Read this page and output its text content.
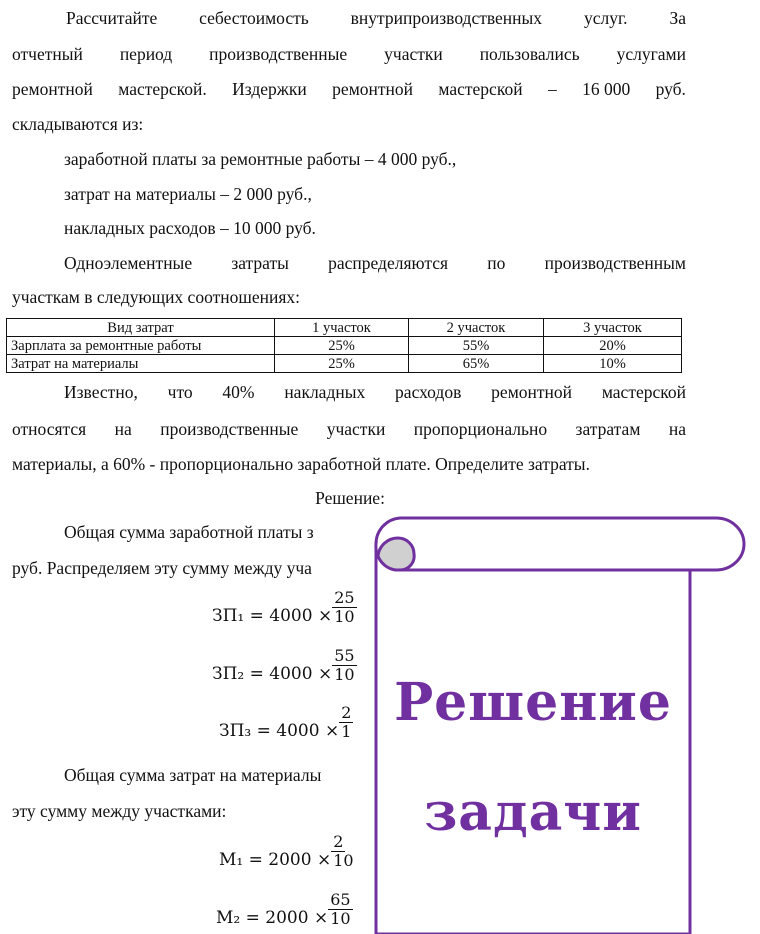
Рассчитайте себестоимость внутрипроизводственных услуг. За
отчетный период производственные участки пользовались услугами
ремонтной мастерской. Издержки ремонтной мастерской – 16 000 руб.
складываются из:
заработной платы за ремонтные работы – 4 000 руб.,
затрат на материалы – 2 000 руб.,
накладных расходов – 10 000 руб.
Одноэлементные затраты распределяются по производственным
участкам в следующих соотношениях:
Вид затрат	1 участок	2 участок	3 участок
Зарплата за ремонтные работы	25%	55%	20%
Затрат на материалы	25%	65%	10%
Известно, что 40% накладных расходов ремонтной мастерской
относятся на производственные участки пропорционально затратам на
материалы, а 60% - пропорционально заработной плате. Определите затраты.
Решение:
Общая сумма заработной платы з
руб. Распределяем эту сумму между уча
$ЗП_1 = 4000 \times \frac{25}{10}$
$ЗП_2 = 4000 \times \frac{55}{10}$
$ЗП_3 = 4000 \times \frac{2}{1}$
Общая сумма затрат на материалы
эту сумму между участками:
$М_1 = 2000 \times \frac{2}{10}$
$М_2 = 2000 \times \frac{65}{10}$
Решение
задачи
